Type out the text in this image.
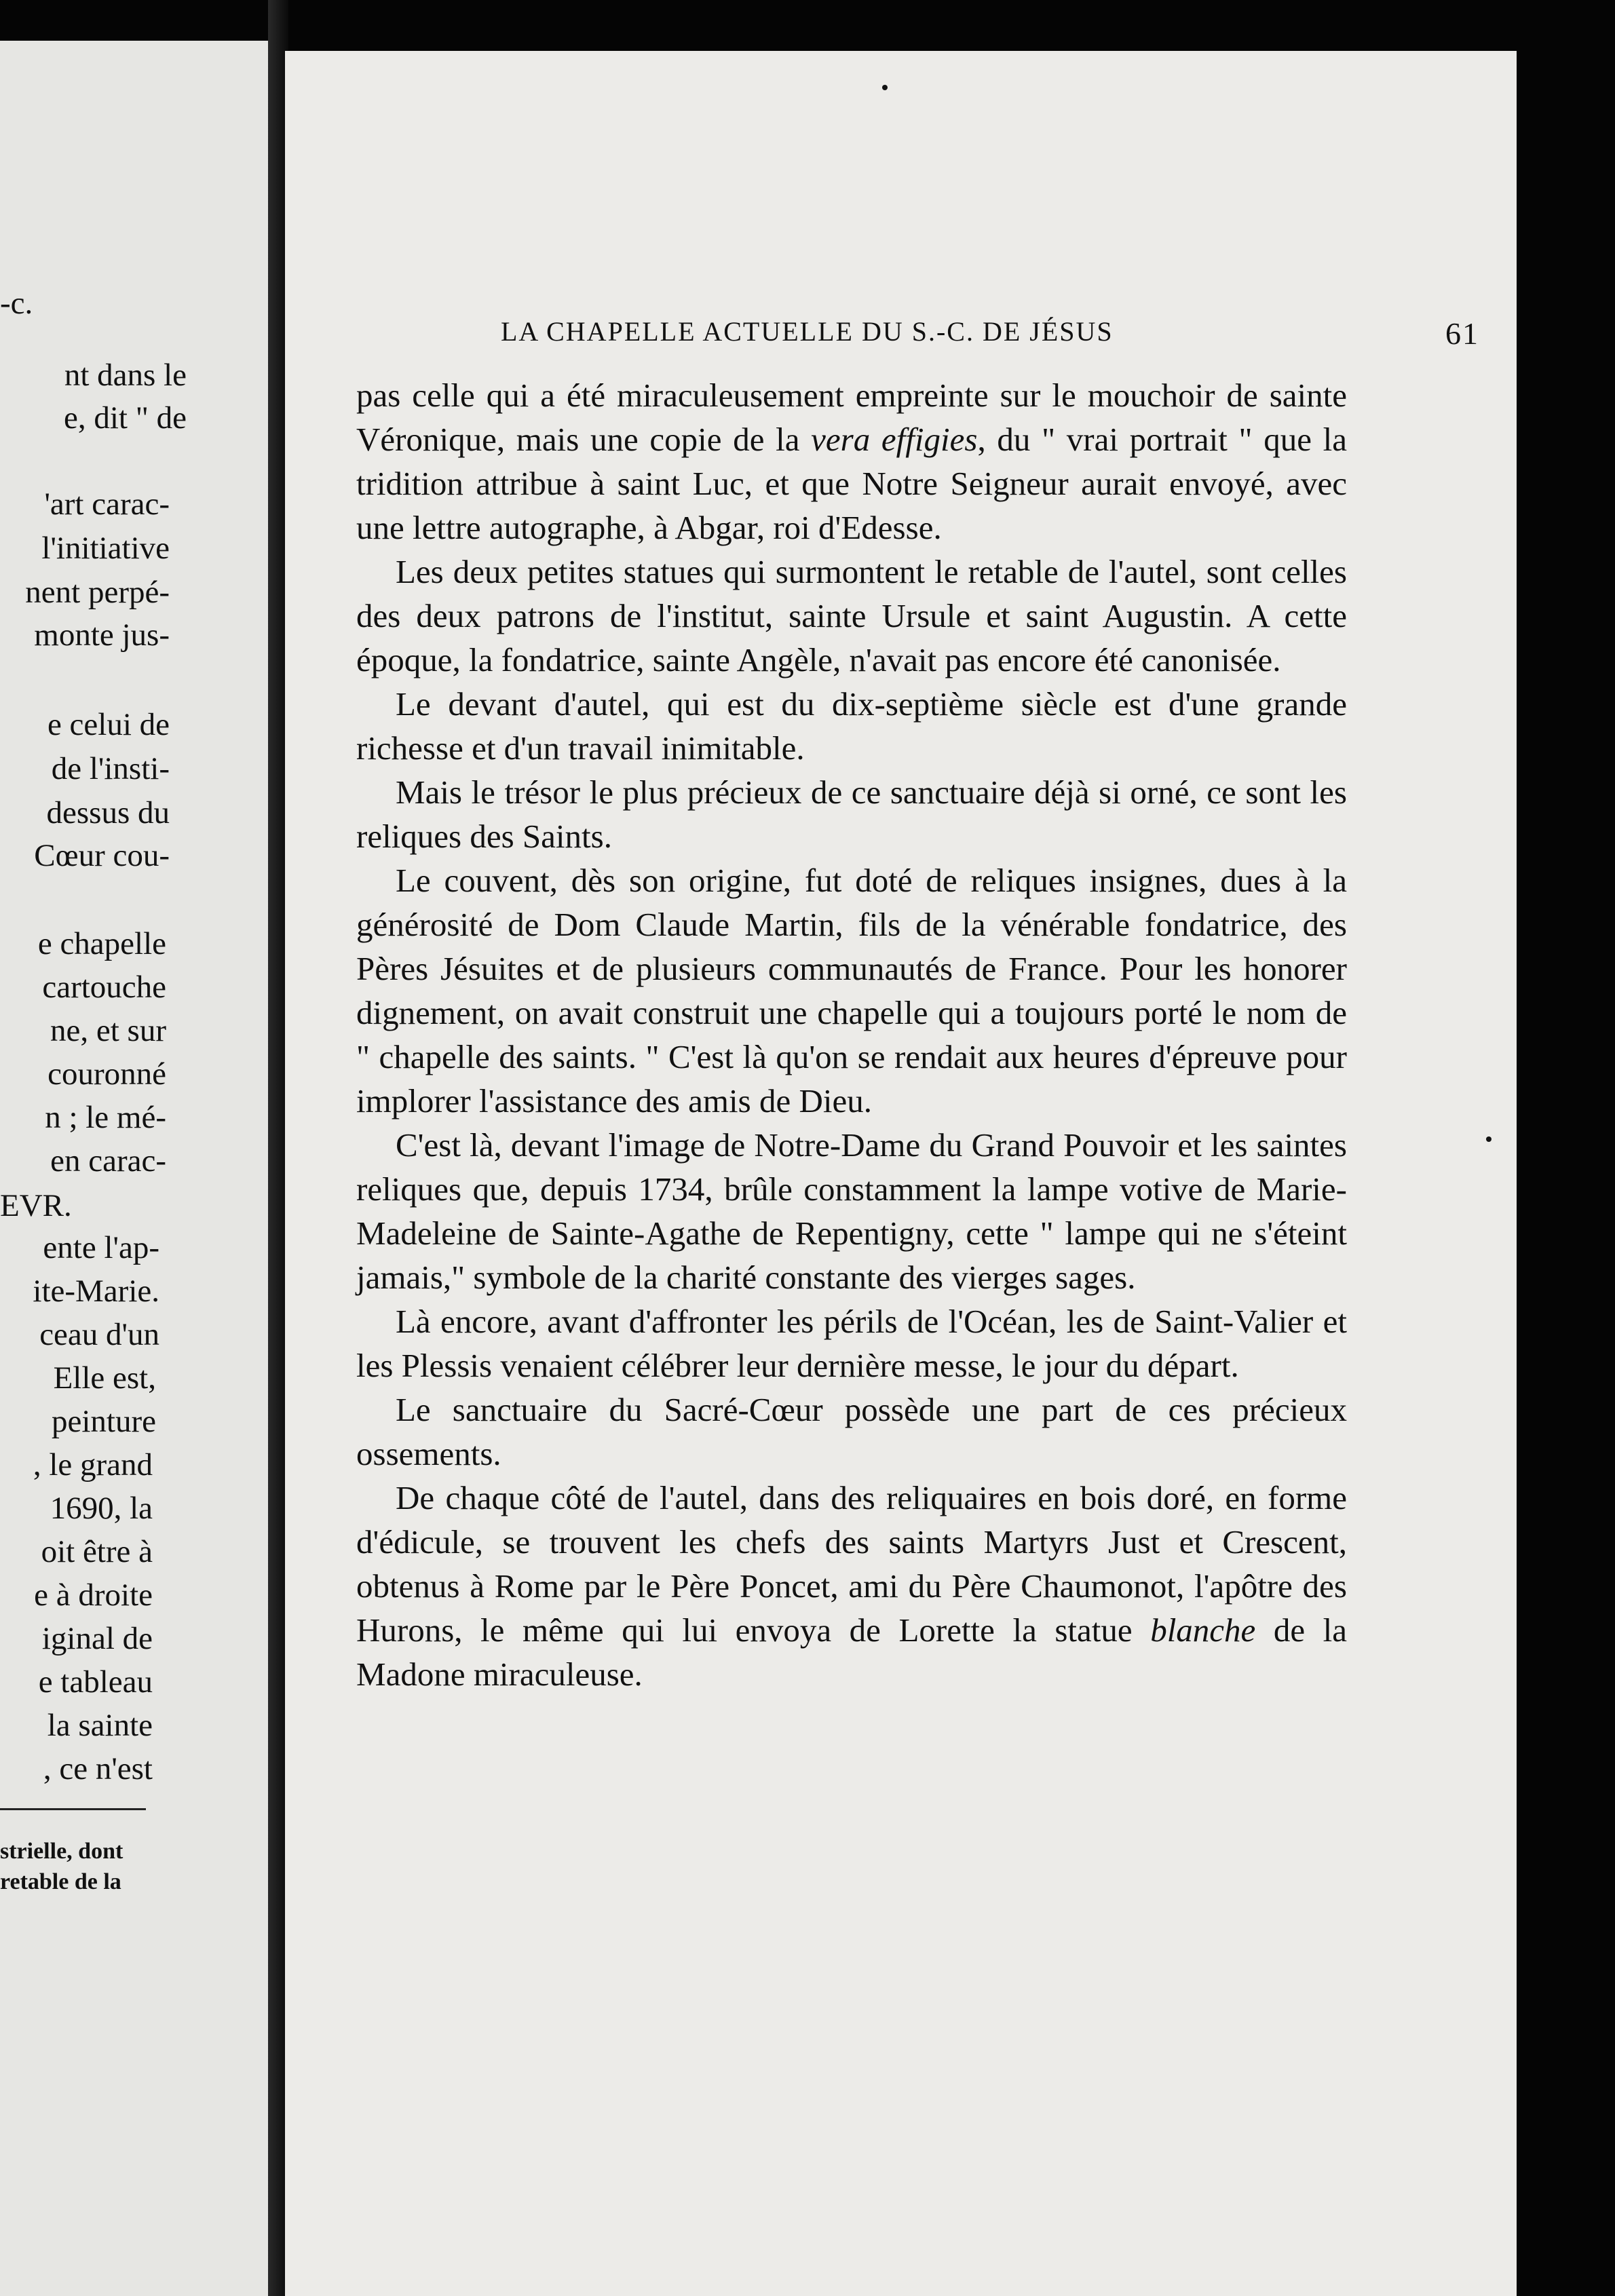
-c.
nt dans le
e, dit " de
'art carac-
l'initiative
nent perpé-
monte jus-
e celui de
de l'insti-
dessus du
Cœur cou-
e chapelle
cartouche
ne, et sur
couronné
n ; le mé-
en carac-
EVR.
ente l'ap-
ite-Marie.
ceau d'un
Elle est,
peinture
, le grand
1690, la
oit être à
e à droite
iginal de
e tableau
la sainte
, ce n'est
strielle, dont
retable de la
LA CHAPELLE ACTUELLE DU S.-C. DE JÉSUS	61

pas celle qui a été miraculeusement empreinte sur le mouchoir de sainte Véronique, mais une copie de la vera effigies, du " vrai portrait " que la tridition attribue à saint Luc, et que Notre Seigneur aurait envoyé, avec une lettre autographe, à Abgar, roi d'Edesse.

Les deux petites statues qui surmontent le retable de l'autel, sont celles des deux patrons de l'institut, sainte Ursule et saint Augustin. A cette époque, la fondatrice, sainte Angèle, n'avait pas encore été canonisée.

Le devant d'autel, qui est du dix-septième siècle est d'une grande richesse et d'un travail inimitable.

Mais le trésor le plus précieux de ce sanctuaire déjà si orné, ce sont les reliques des Saints.

Le couvent, dès son origine, fut doté de reliques insignes, dues à la générosité de Dom Claude Martin, fils de la vénérable fondatrice, des Pères Jésuites et de plusieurs communautés de France. Pour les honorer dignement, on avait construit une chapelle qui a toujours porté le nom de " chapelle des saints. " C'est là qu'on se rendait aux heures d'épreuve pour implorer l'assistance des amis de Dieu.

C'est là, devant l'image de Notre-Dame du Grand Pouvoir et les saintes reliques que, depuis 1734, brûle constamment la lampe votive de Marie-Madeleine de Sainte-Agathe de Repentigny, cette " lampe qui ne s'éteint jamais," symbole de la charité constante des vierges sages.

Là encore, avant d'affronter les périls de l'Océan, les de Saint-Valier et les Plessis venaient célébrer leur dernière messe, le jour du départ.

Le sanctuaire du Sacré-Cœur possède une part de ces précieux ossements.

De chaque côté de l'autel, dans des reliquaires en bois doré, en forme d'édicule, se trouvent les chefs des saints Martyrs Just et Crescent, obtenus à Rome par le Père Poncet, ami du Père Chaumonot, l'apôtre des Hurons, le même qui lui envoya de Lorette la statue blanche de la Madone miraculeuse.
